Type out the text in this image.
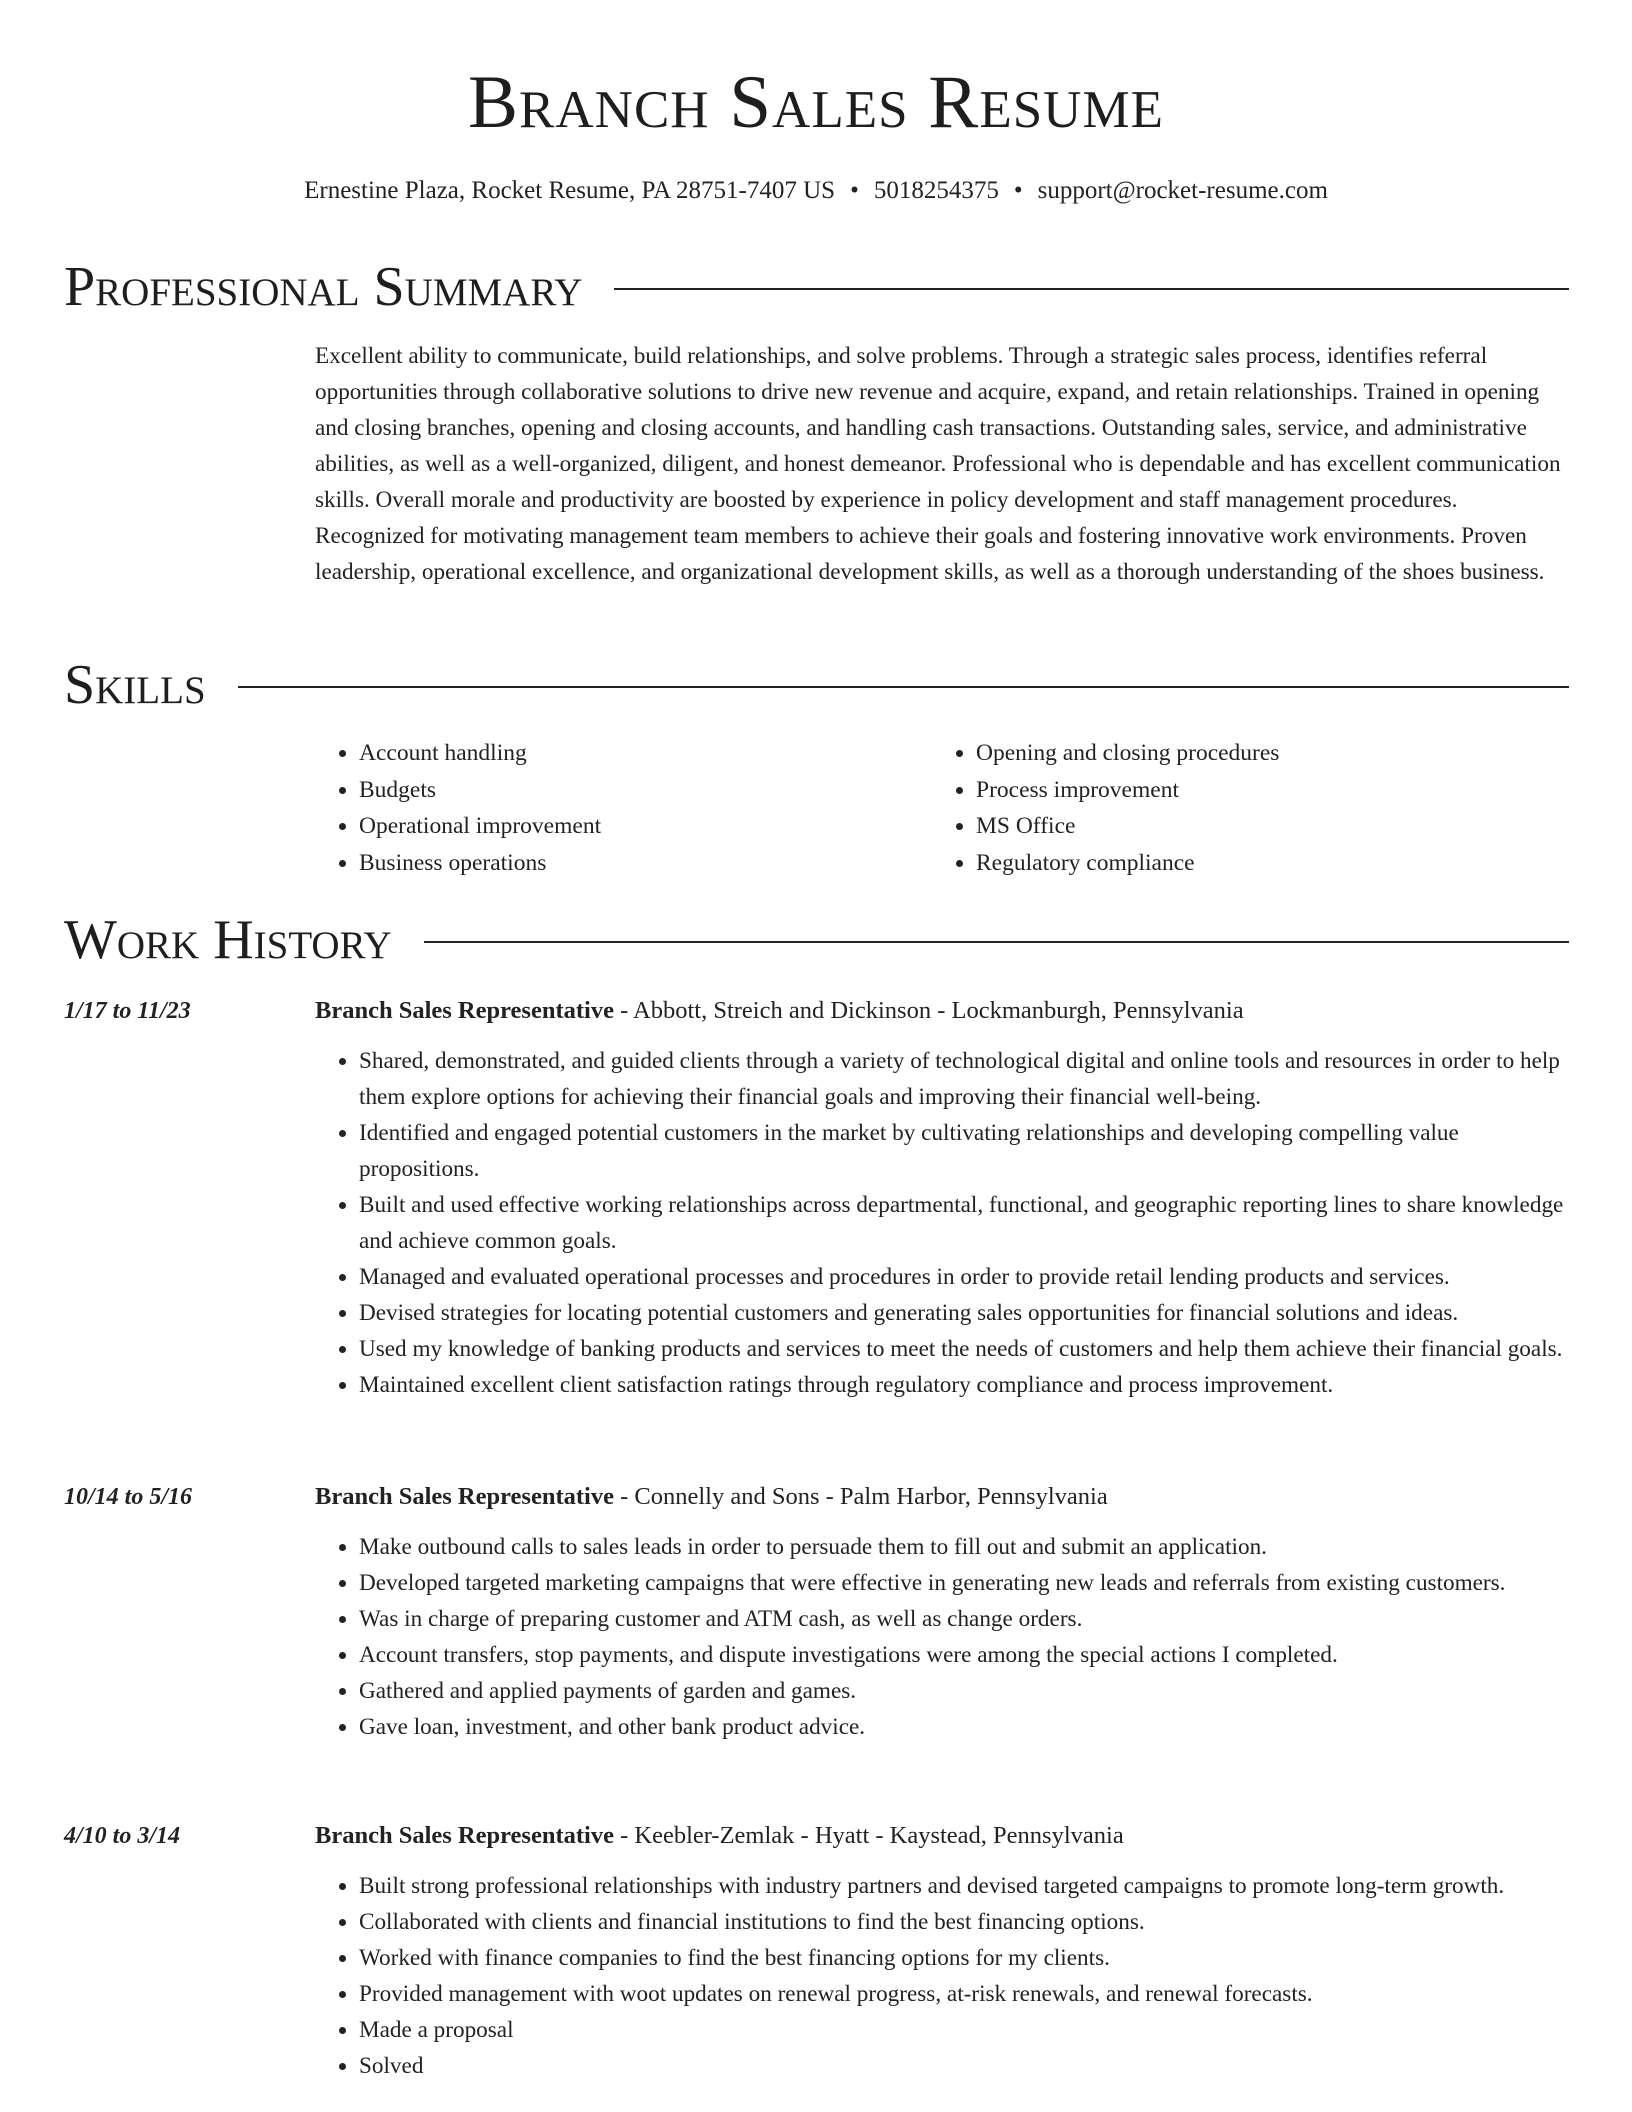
Branch Sales Resume
Ernestine Plaza, Rocket Resume, PA 28751-7407 US • 5018254375 • support@rocket-resume.com
Professional Summary

Excellent ability to communicate, build relationships, and solve problems. Through a strategic sales process, identifies referral opportunities through collaborative solutions to drive new revenue and acquire, expand, and retain relationships. Trained in opening and closing branches, opening and closing accounts, and handling cash transactions. Outstanding sales, service, and administrative abilities, as well as a well-organized, diligent, and honest demeanor. Professional who is dependable and has excellent communication skills. Overall morale and productivity are boosted by experience in policy development and staff management procedures. Recognized for motivating management team members to achieve their goals and fostering innovative work environments. Proven leadership, operational excellence, and organizational development skills, as well as a thorough understanding of the shoes business.

Skills
• Account handling
• Budgets
• Operational improvement
• Business operations
• Opening and closing procedures
• Process improvement
• MS Office
• Regulatory compliance
Work History
1/17 to 11/23	Branch Sales Representative - Abbott, Streich and Dickinson - Lockmanburgh, Pennsylvania
• Shared, demonstrated, and guided clients through a variety of technological digital and online tools and resources in order to help them explore options for achieving their financial goals and improving their financial well-being.
• Identified and engaged potential customers in the market by cultivating relationships and developing compelling value propositions.
• Built and used effective working relationships across departmental, functional, and geographic reporting lines to share knowledge and achieve common goals.
• Managed and evaluated operational processes and procedures in order to provide retail lending products and services.
• Devised strategies for locating potential customers and generating sales opportunities for financial solutions and ideas.
• Used my knowledge of banking products and services to meet the needs of customers and help them achieve their financial goals.
• Maintained excellent client satisfaction ratings through regulatory compliance and process improvement.
10/14 to 5/16	Branch Sales Representative - Connelly and Sons - Palm Harbor, Pennsylvania
• Make outbound calls to sales leads in order to persuade them to fill out and submit an application.
• Developed targeted marketing campaigns that were effective in generating new leads and referrals from existing customers.
• Was in charge of preparing customer and ATM cash, as well as change orders.
• Account transfers, stop payments, and dispute investigations were among the special actions I completed.
• Gathered and applied payments of garden and games.
• Gave loan, investment, and other bank product advice.
4/10 to 3/14	Branch Sales Representative - Keebler-Zemlak - Hyatt - Kaystead, Pennsylvania
• Built strong professional relationships with industry partners and devised targeted campaigns to promote long-term growth.
• Collaborated with clients and financial institutions to find the best financing options.
• Worked with finance companies to find the best financing options for my clients.
• Provided management with woot updates on renewal progress, at-risk renewals, and renewal forecasts.
• Made a proposal
• Solved
